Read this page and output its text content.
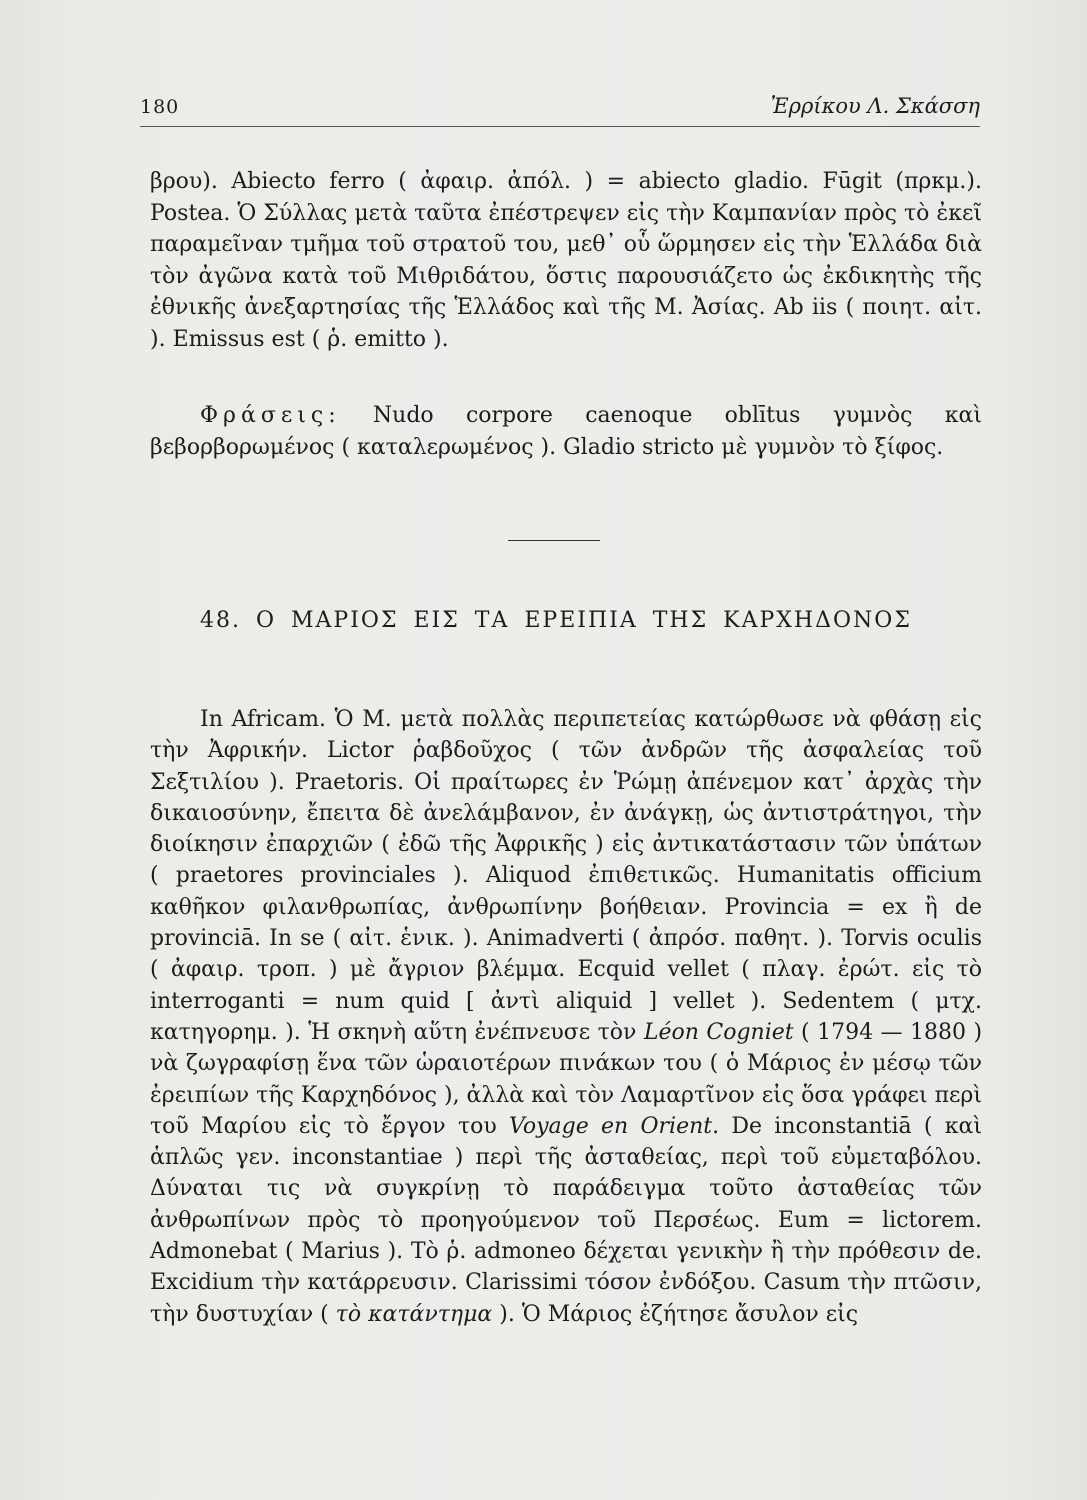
180	Ἐρρίκου Λ. Σκάσση

βρου). Abiecto ferro ( ἀφαιρ. ἀπόλ. ) = abiecto gladio. Fūgit (πρκμ.). Postea. Ὁ Σύλλας μετὰ ταῦτα ἐπέστρεψεν εἰς τὴν Καμπανίαν πρὸς τὸ ἐκεῖ παραμεῖναν τμῆμα τοῦ στρατοῦ του, μεθ᾽ οὗ ὥρμησεν εἰς τὴν Ἑλλάδα διὰ τὸν ἀγῶνα κατὰ τοῦ Μιθριδάτου, ὅστις παρουσιάζετο ὡς ἐκδικητὴς τῆς ἐθνικῆς ἀνεξαρτησίας τῆς Ἑλλάδος καὶ τῆς Μ. Ἀσίας. Ab iis ( ποιητ. αἰτ. ). Emissus est ( ῥ. emitto ).

Φράσεις: Nudo corpore caenoque oblītus γυμνὸς καὶ βεβορβορωμένος ( καταλερωμένος ). Gladio stricto μὲ γυμνὸν τὸ ξίφος.

48. Ο ΜΑΡΙΟΣ ΕΙΣ ΤΑ ΕΡΕΙΠΙΑ ΤΗΣ ΚΑΡΧΗΔΟΝΟΣ

In Africam. Ὁ Μ. μετὰ πολλὰς περιπετείας κατώρθωσε νὰ φθάσῃ εἰς τὴν Ἀφρικήν. Lictor ῥαβδοῦχος ( τῶν ἀνδρῶν τῆς ἀσφαλείας τοῦ Σεξτιλίου ). Praetoris. Οἱ πραίτωρες ἐν Ῥώμῃ ἀπένεμον κατ᾽ ἀρχὰς τὴν δικαιοσύνην, ἔπειτα δὲ ἀνελάμβανον, ἐν ἀνάγκῃ, ὡς ἀντιστράτηγοι, τὴν διοίκησιν ἐπαρχιῶν ( ἐδῶ τῆς Ἀφρικῆς ) εἰς ἀντικατάστασιν τῶν ὑπάτων ( praetores provinciales ). Aliquod ἐπιθετικῶς. Humanitatis officium καθῆκον φιλανθρωπίας, ἀνθρωπίνην βοήθειαν. Provincia = ex ἢ de provinciā. In se ( αἰτ. ἑνικ. ). Animadverti ( ἀπρόσ. παθητ. ). Torvis oculis ( ἀφαιρ. τροπ. ) μὲ ἄγριον βλέμμα. Ecquid vellet ( πλαγ. ἐρώτ. εἰς τὸ interroganti = num quid [ ἀντὶ aliquid ] vellet ). Sedentem ( μτχ. κατηγορημ. ). Ἡ σκηνὴ αὕτη ἐνέπνευσε τὸν Léon Cogniet ( 1794 — 1880 ) νὰ ζωγραφίσῃ ἕνα τῶν ὡραιοτέρων πινάκων του ( ὁ Μάριος ἐν μέσῳ τῶν ἐρειπίων τῆς Καρχηδόνος ), ἀλλὰ καὶ τὸν Λαμαρτῖνον εἰς ὅσα γράφει περὶ τοῦ Μαρίου εἰς τὸ ἔργον του Voyage en Orient. De inconstantiā ( καὶ ἁπλῶς γεν. inconstantiae ) περὶ τῆς ἀσταθείας, περὶ τοῦ εὐμεταβόλου. Δύναται τις νὰ συγκρίνῃ τὸ παράδειγμα τοῦτο ἀσταθείας τῶν ἀνθρωπίνων πρὸς τὸ προηγούμενον τοῦ Περσέως. Eum = lictorem. Admonebat ( Marius ). Τὸ ῥ. admoneo δέχεται γενικὴν ἢ τὴν πρόθεσιν de. Excidium τὴν κατάρρευσιν. Clarissimi τόσον ἐνδόξου. Casum τὴν πτῶσιν, τὴν δυστυχίαν ( τὸ κατάντημα ). Ὁ Μάριος ἐζήτησε ἄσυλον εἰς
